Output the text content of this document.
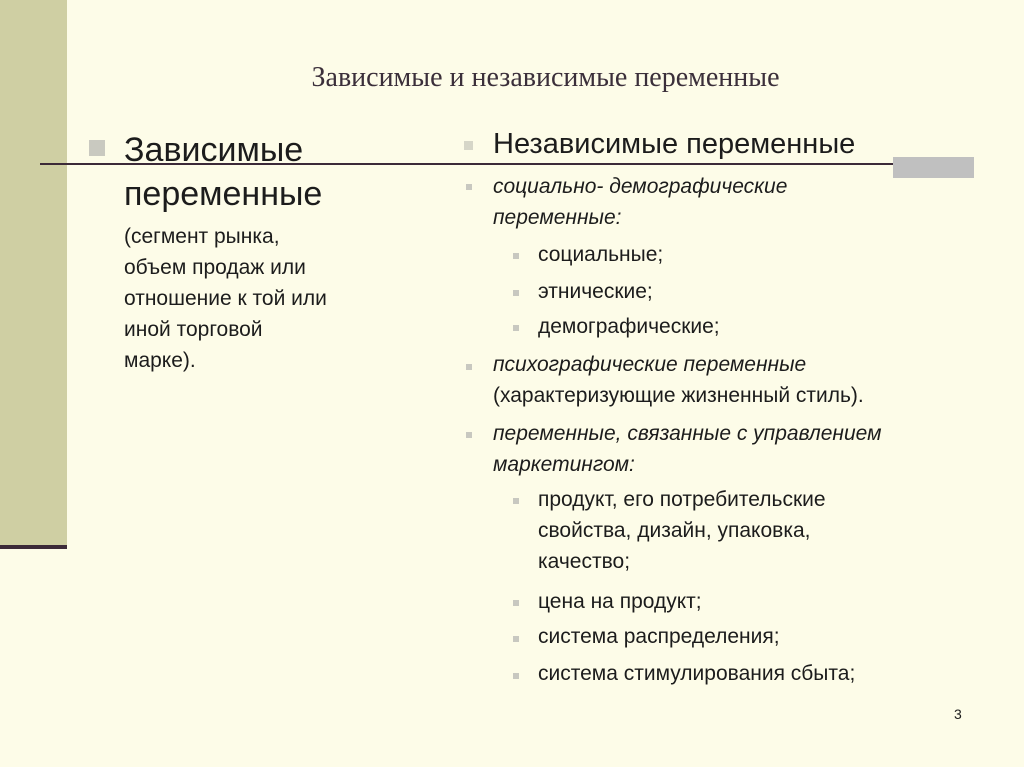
Зависимые и независимые переменные
Зависимые
переменные
(сегмент рынка,
объем продаж или
отношение к той или
иной торговой
марке).
Независимые переменные
социально- демографические
переменные:
социальные;
этнические;
демографические;
психографические переменные
(характеризующие жизненный стиль).
переменные, связанные с управлением
маркетингом:
продукт, его потребительские
свойства, дизайн, упаковка,
качество;
цена на продукт;
система распределения;
система стимулирования сбыта;
3
